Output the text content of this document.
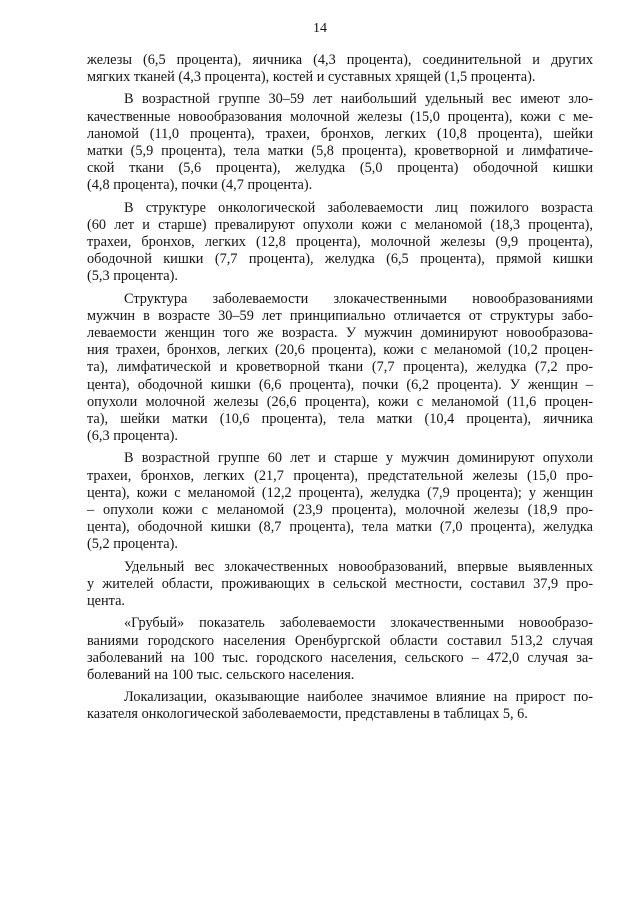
14

железы (6,5 процента), яичника (4,3 процента), соединительной и других
мягких тканей (4,3 процента), костей и суставных хрящей (1,5 процента).

В возрастной группе 30–59 лет наибольший удельный вес имеют зло-
качественные новообразования молочной железы (15,0 процента), кожи с ме-
ланомой (11,0 процента), трахеи, бронхов, легких (10,8 процента), шейки
матки (5,9 процента), тела матки (5,8 процента), кроветворной и лимфатиче-
ской ткани (5,6 процента), желудка (5,0 процента) ободочной кишки
(4,8 процента), почки (4,7 процента).

В структуре онкологической заболеваемости лиц пожилого возраста
(60 лет и старше) превалируют опухоли кожи с меланомой (18,3 процента),
трахеи, бронхов, легких (12,8 процента), молочной железы (9,9 процента),
ободочной кишки (7,7 процента), желудка (6,5 процента), прямой кишки
(5,3 процента).

Структура заболеваемости злокачественными новообразованиями
мужчин в возрасте 30–59 лет принципиально отличается от структуры забо-
леваемости женщин того же возраста. У мужчин доминируют новообразова-
ния трахеи, бронхов, легких (20,6 процента), кожи с меланомой (10,2 процен-
та), лимфатической и кроветворной ткани (7,7 процента), желудка (7,2 про-
цента), ободочной кишки (6,6 процента), почки (6,2 процента). У женщин –
опухоли молочной железы (26,6 процента), кожи с меланомой (11,6 процен-
та), шейки матки (10,6 процента), тела матки (10,4 процента), яичника
(6,3 процента).

В возрастной группе 60 лет и старше у мужчин доминируют опухоли
трахеи, бронхов, легких (21,7 процента), предстательной железы (15,0 про-
цента), кожи с меланомой (12,2 процента), желудка (7,9 процента); у женщин
– опухоли кожи с меланомой (23,9 процента), молочной железы (18,9 про-
цента), ободочной кишки (8,7 процента), тела матки (7,0 процента), желудка
(5,2 процента).

Удельный вес злокачественных новообразований, впервые выявленных
у жителей области, проживающих в сельской местности, составил 37,9 про-
цента.

«Грубый» показатель заболеваемости злокачественными новообразо-
ваниями городского населения Оренбургской области составил 513,2 случая
заболеваний на 100 тыс. городского населения, сельского – 472,0 случая за-
болеваний на 100 тыс. сельского населения.

Локализации, оказывающие наиболее значимое влияние на прирост по-
казателя онкологической заболеваемости, представлены в таблицах 5, 6.
